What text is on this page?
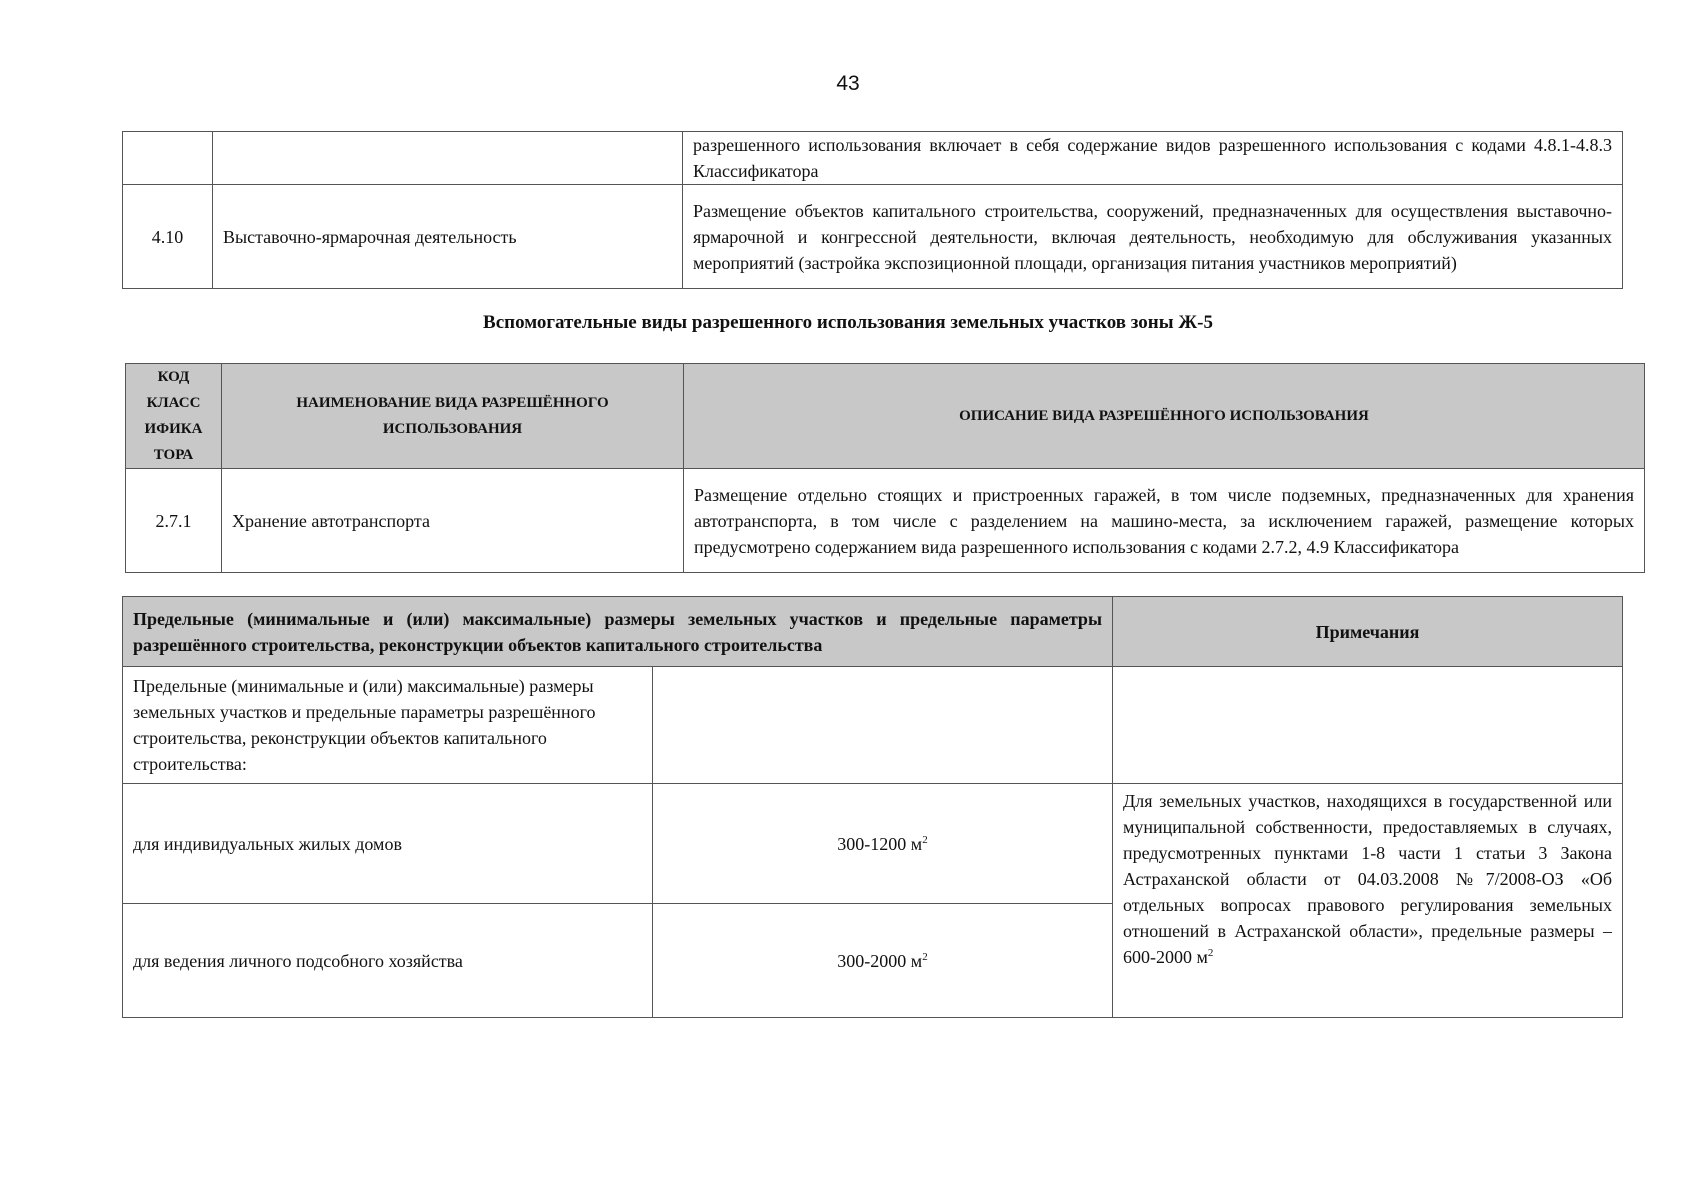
43
		разрешенного использования включает в себя содержание видов разрешенного использования с кодами 4.8.1-4.8.3 Классификатора
4.10	Выставочно-ярмарочная деятельность	Размещение объектов капитального строительства, сооружений, предназначенных для осуществления выставочно-ярмарочной и конгрессной деятельности, включая деятельность, необходимую для обслуживания указанных мероприятий (застройка экспозиционной площади, организация питания участников мероприятий)
Вспомогательные виды разрешенного использования земельных участков зоны Ж-5
КОД
КЛАСС
ИФИКА
ТОРА	НАИМЕНОВАНИЕ ВИДА РАЗРЕШЁННОГО ИСПОЛЬЗОВАНИЯ	ОПИСАНИЕ ВИДА РАЗРЕШЁННОГО ИСПОЛЬЗОВАНИЯ
2.7.1	Хранение автотранспорта	Размещение отдельно стоящих и пристроенных гаражей, в том числе подземных, предназначенных для хранения автотранспорта, в том числе с разделением на машино-места, за исключением гаражей, размещение которых предусмотрено содержанием вида разрешенного использования с кодами 2.7.2, 4.9 Классификатора
Предельные (минимальные и (или) максимальные) размеры земельных участков и предельные параметры разрешённого строительства, реконструкции объектов капитального строительства		Примечания
Предельные (минимальные и (или) максимальные) размеры земельных участков и предельные параметры разрешённого строительства, реконструкции объектов капитального строительства:		
для индивидуальных жилых домов	300-1200 $м^2$	Для земельных участков, находящихся в государственной или муниципальной собственности, предоставляемых в случаях, предусмотренных пунктами 1-8 части 1 статьи 3 Закона Астраханской области от 04.03.2008 №7/2008-ОЗ «Об отдельных вопросах правового регулирования земельных отношений в Астраханской области», предельные размеры – 600-2000 $м^2$
для ведения личного подсобного хозяйства	300-2000 $м^2$
